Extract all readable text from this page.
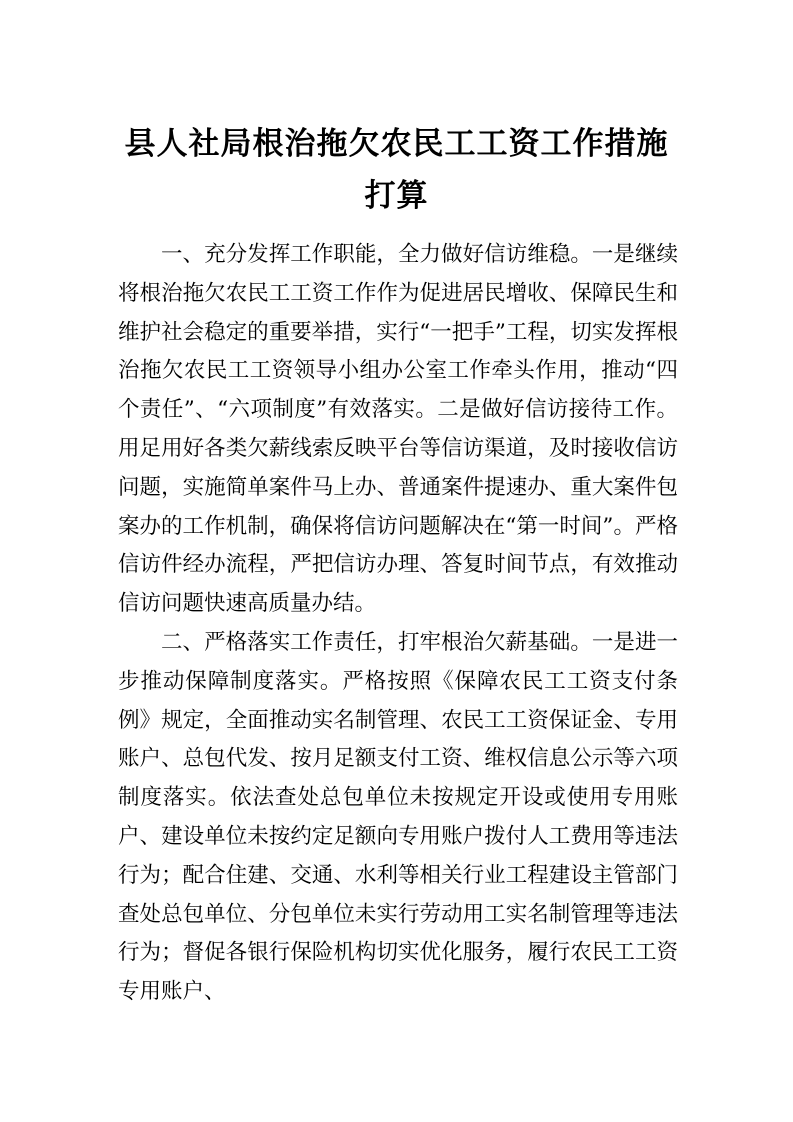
县人社局根治拖欠农民工工资工作措施打算

一、充分发挥工作职能，全力做好信访维稳。一是继续将根治拖欠农民工工资工作作为促进居民增收、保障民生和维护社会稳定的重要举措，实行“一把手”工程，切实发挥根治拖欠农民工工资领导小组办公室工作牵头作用，推动“四个责任”、“六项制度”有效落实。二是做好信访接待工作。用足用好各类欠薪线索反映平台等信访渠道，及时接收信访问题，实施简单案件马上办、普通案件提速办、重大案件包案办的工作机制，确保将信访问题解决在“第一时间”。严格信访件经办流程，严把信访办理、答复时间节点，有效推动信访问题快速高质量办结。

二、严格落实工作责任，打牢根治欠薪基础。一是进一步推动保障制度落实。严格按照《保障农民工工资支付条例》规定，全面推动实名制管理、农民工工资保证金、专用账户、总包代发、按月足额支付工资、维权信息公示等六项制度落实。依法查处总包单位未按规定开设或使用专用账户、建设单位未按约定足额向专用账户拨付人工费用等违法行为；配合住建、交通、水利等相关行业工程建设主管部门查处总包单位、分包单位未实行劳动用工实名制管理等违法行为；督促各银行保险机构切实优化服务，履行农民工工资专用账户、
